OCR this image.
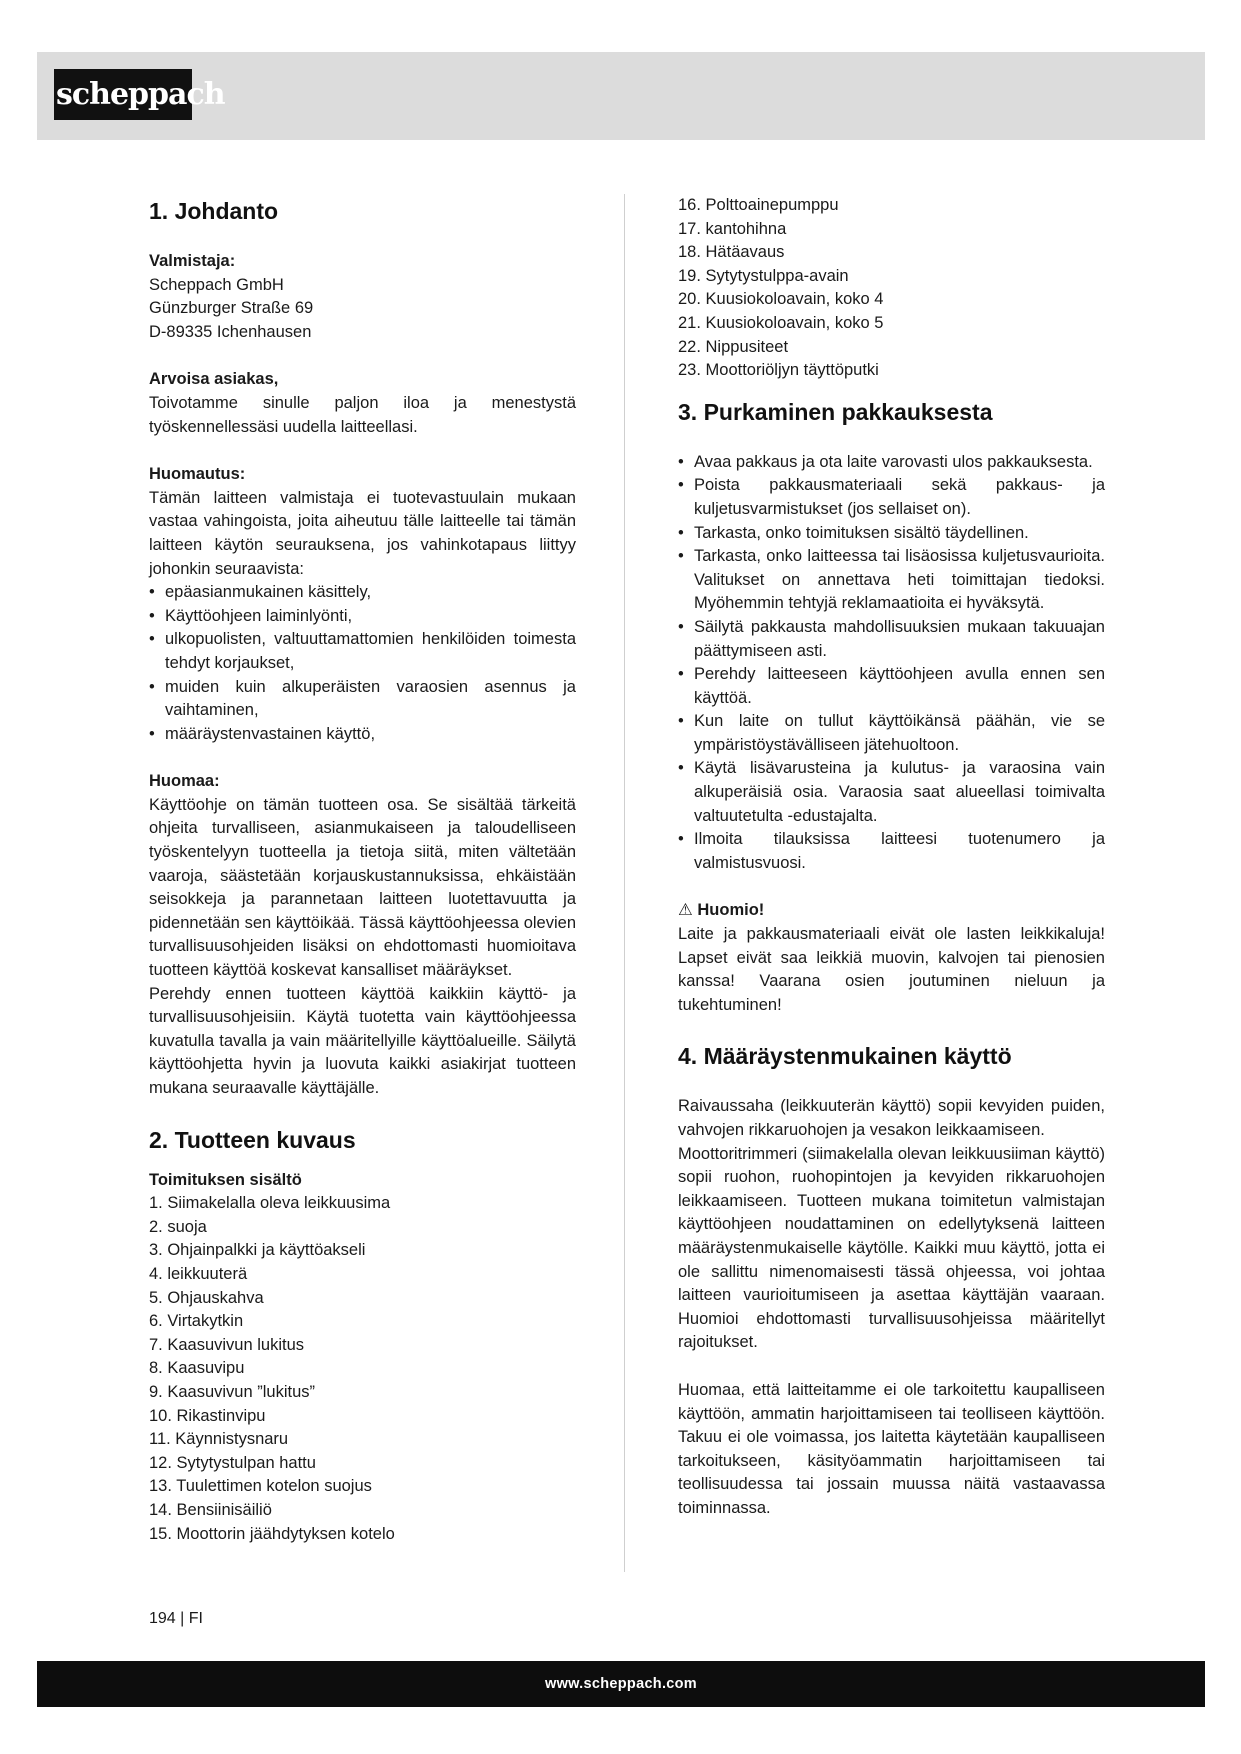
scheppach
1. Johdanto
Valmistaja:
Scheppach GmbH
Günzburger Straße 69
D-89335 Ichenhausen
Arvoisa asiakas,

Toivotamme sinulle paljon iloa ja menestystä työskennellessäsi uudella laitteellasi.

Huomautus:

Tämän laitteen valmistaja ei tuotevastuulain mukaan vastaa vahingoista, joita aiheutuu tälle laitteelle tai tämän laitteen käytön seurauksena, jos vahinkotapaus liittyy johonkin seuraavista:

• epäasianmukainen käsittely,
• Käyttöohjeen laiminlyönti,
• ulkopuolisten, valtuuttamattomien henkilöiden toimesta tehdyt korjaukset,
• muiden kuin alkuperäisten varaosien asennus ja vaihtaminen,
• määräystenvastainen käyttö,
Huomaa:

Käyttöohje on tämän tuotteen osa. Se sisältää tärkeitä ohjeita turvalliseen, asianmukaiseen ja taloudelliseen työskentelyyn tuotteella ja tietoja siitä, miten vältetään vaaroja, säästetään korjauskustannuksissa, ehkäistään seisokkeja ja parannetaan laitteen luotettavuutta ja pidennetään sen käyttöikää. Tässä käyttöohjeessa olevien turvallisuusohjeiden lisäksi on ehdottomasti huomioitava tuotteen käyttöä koskevat kansalliset määräykset.

Perehdy ennen tuotteen käyttöä kaikkiin käyttö- ja turvallisuusohjeisiin. Käytä tuotetta vain käyttöohjeessa kuvatulla tavalla ja vain määritellyille käyttöalueille. Säilytä käyttöohjetta hyvin ja luovuta kaikki asiakirjat tuotteen mukana seuraavalle käyttäjälle.

2. Tuotteen kuvaus
Toimituksen sisältö
1. Siimakelalla oleva leikkuusima
2. suoja
3. Ohjainpalkki ja käyttöakseli
4. leikkuuterä
5. Ohjauskahva
6. Virtakytkin
7. Kaasuvivun lukitus
8. Kaasuvipu
9. Kaasuvivun ”lukitus”
10. Rikastinvipu
11. Käynnistysnaru
12. Sytytystulpan hattu
13. Tuulettimen kotelon suojus
14. Bensiinisäiliö
15. Moottorin jäähdytyksen kotelo
16. Polttoainepumppu
17. kantohihna
18. Hätäavaus
19. Sytytystulppa-avain
20. Kuusiokoloavain, koko 4
21. Kuusiokoloavain, koko 5
22. Nippusiteet
23. Moottoriöljyn täyttöputki
3. Purkaminen pakkauksesta
• Avaa pakkaus ja ota laite varovasti ulos pakkauksesta.
• Poista pakkausmateriaali sekä pakkaus- ja kuljetusvarmistukset (jos sellaiset on).
• Tarkasta, onko toimituksen sisältö täydellinen.
• Tarkasta, onko laitteessa tai lisäosissa kuljetusvaurioita. Valitukset on annettava heti toimittajan tiedoksi. Myöhemmin tehtyjä reklamaatioita ei hyväksytä.
• Säilytä pakkausta mahdollisuuksien mukaan takuuajan päättymiseen asti.
• Perehdy laitteeseen käyttöohjeen avulla ennen sen käyttöä.
• Kun laite on tullut käyttöikänsä päähän, vie se ympäristöystävälliseen jätehuoltoon.
• Käytä lisävarusteina ja kulutus- ja varaosina vain alkuperäisiä osia. Varaosia saat alueellasi toimivalta valtuutetulta -edustajalta.
• Ilmoita tilauksissa laitteesi tuotenumero ja valmistusvuosi.
⚠ Huomio!

Laite ja pakkausmateriaali eivät ole lasten leikkikaluja! Lapset eivät saa leikkiä muovin, kalvojen tai pienosien kanssa! Vaarana osien joutuminen nieluun ja tukehtuminen!

4. Määräystenmukainen käyttö

Raivaussaha (leikkuuterän käyttö) sopii kevyiden puiden, vahvojen rikkaruohojen ja vesakon leikkaamiseen.

Moottoritrimmeri (siimakelalla olevan leikkuusiiman käyttö) sopii ruohon, ruohopintojen ja kevyiden rikkaruohojen leikkaamiseen. Tuotteen mukana toimitetun valmistajan käyttöohjeen noudattaminen on edellytyksenä laitteen määräystenmukaiselle käytölle. Kaikki muu käyttö, jotta ei ole sallittu nimenomaisesti tässä ohjeessa, voi johtaa laitteen vaurioitumiseen ja asettaa käyttäjän vaaraan. Huomioi ehdottomasti turvallisuusohjeissa määritellyt rajoitukset.

Huomaa, että laitteitamme ei ole tarkoitettu kaupalliseen käyttöön, ammatin harjoittamiseen tai teolliseen käyttöön. Takuu ei ole voimassa, jos laitetta käytetään kaupalliseen tarkoitukseen, käsityöammatin harjoittamiseen tai teollisuudessa tai jossain muussa näitä vastaavassa toiminnassa.

194 | FI
www.scheppach.com
